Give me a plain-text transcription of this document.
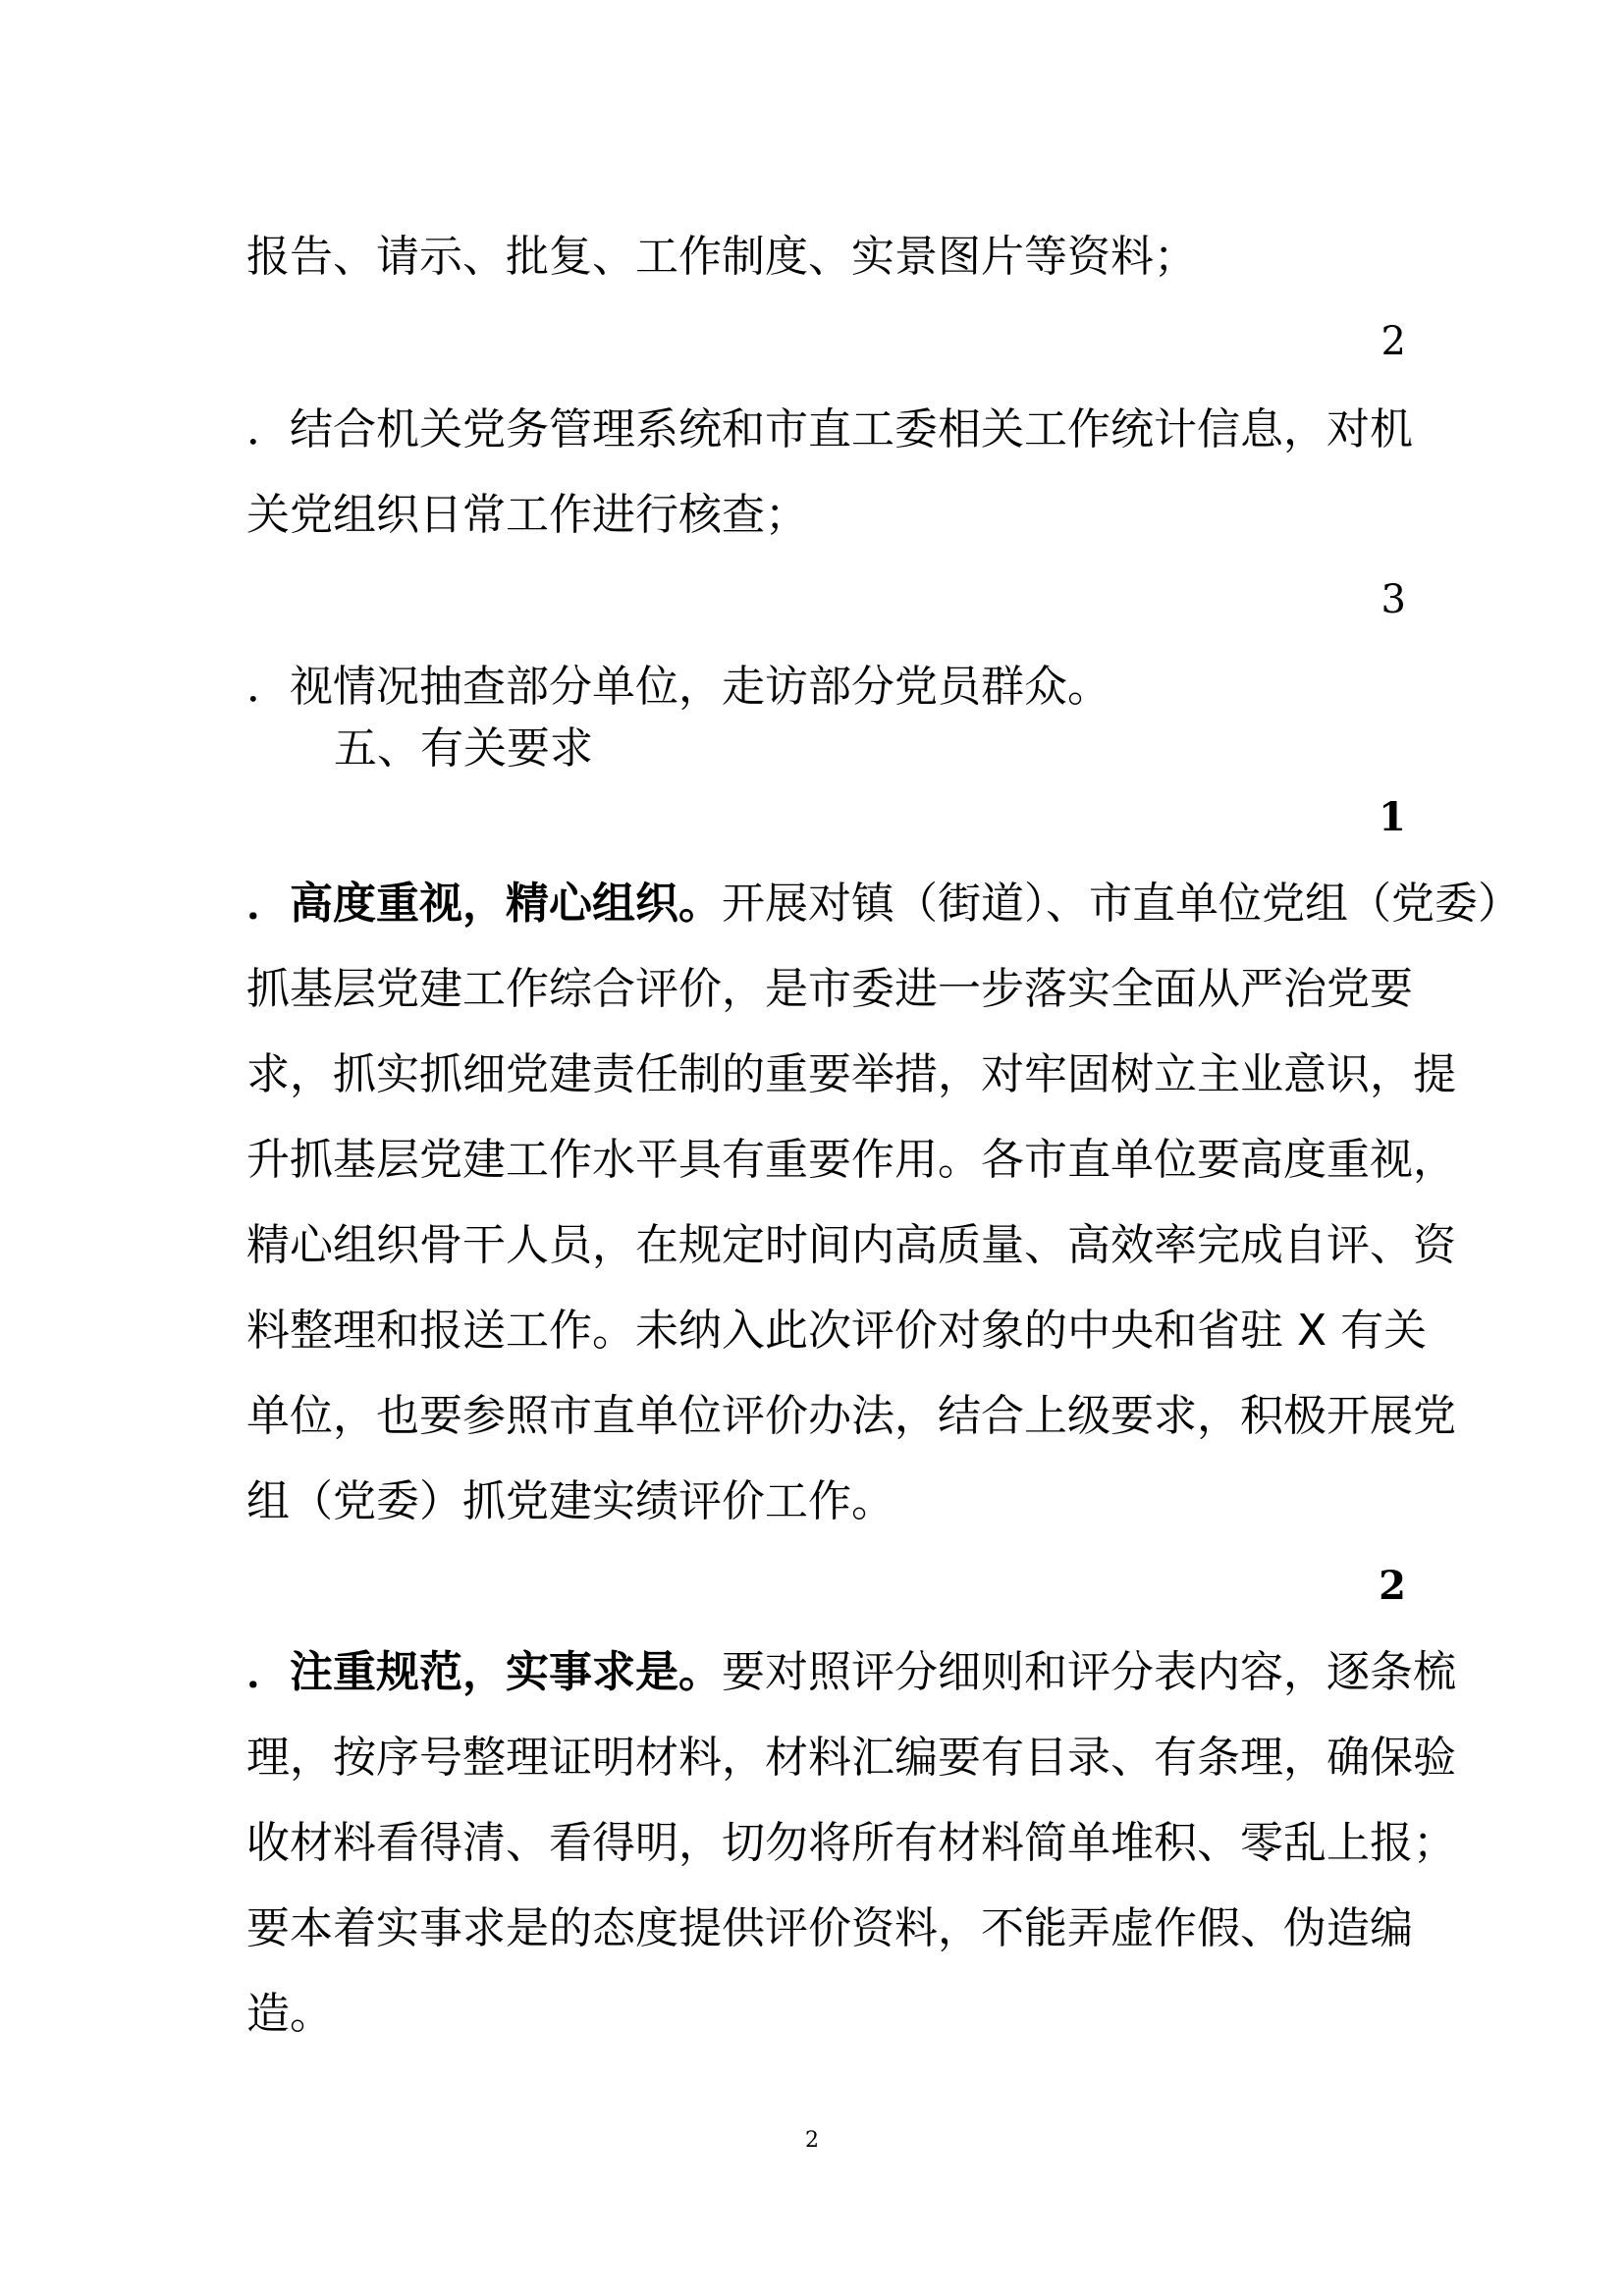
报告、请示、批复、工作制度、实景图片等资料；

2

．结合机关党务管理系统和市直工委相关工作统计信息，对机

关党组织日常工作进行核查；

3

．视情况抽查部分单位，走访部分党员群众。

五、有关要求

1

．高度重视，精心组织。开展对镇（街道）、市直单位党组（党委）
抓基层党建工作综合评价，是市委进一步落实全面从严治党要
求，抓实抓细党建责任制的重要举措，对牢固树立主业意识，提
升抓基层党建工作水平具有重要作用。各市直单位要高度重视，
精心组织骨干人员，在规定时间内高质量、高效率完成自评、资
料整理和报送工作。未纳入此次评价对象的中央和省驻 X 有关
单位，也要参照市直单位评价办法，结合上级要求，积极开展党
组（党委）抓党建实绩评价工作。

2

．注重规范，实事求是。要对照评分细则和评分表内容，逐条梳
理，按序号整理证明材料，材料汇编要有目录、有条理，确保验
收材料看得清、看得明，切勿将所有材料简单堆积、零乱上报；
要本着实事求是的态度提供评价资料，不能弄虚作假、伪造编
造。
2
